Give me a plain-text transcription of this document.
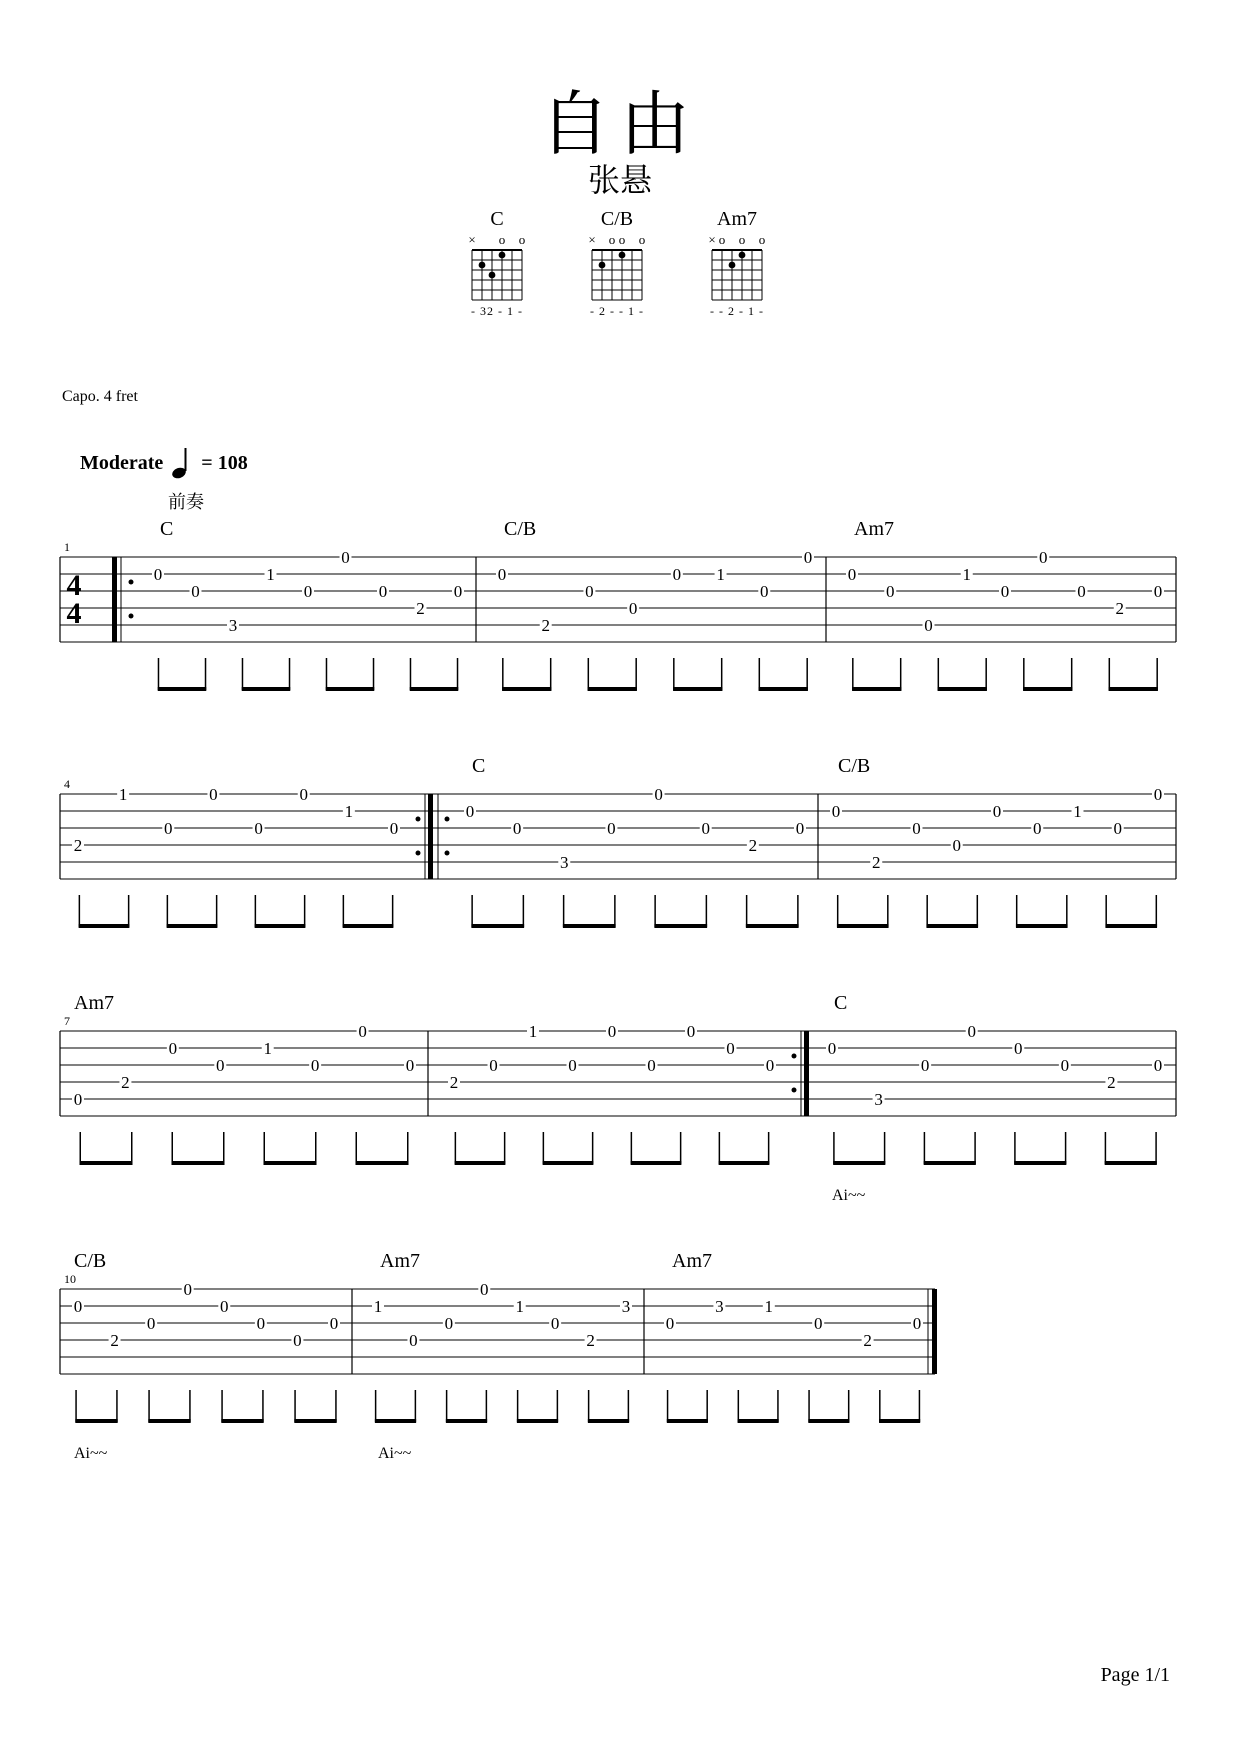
自由
张悬
C
× o o
- 32 - 1 -
C/B
× o o o
- 2 - - 1 -
Am7
× o o o
- - 2 - 1 -
Capo. 4 fret
Moderate = 108
1
4
4
前奏
C
0
0
3
1
0
0
0
2
0
C/B
0
2
0
0
0 1
0
0
Am7
0
0
0
1
0
0
0
2
0
4
2
1
0
0
0
0
1
0
C
0
0
3
0
0
0
2
0
C/B
0
2
0
0
0
0
1
0
0
7
Am7
0
2
0
0
1
0
0
0
2
0
1
0
0
0
0
0
0
C
0
3
0
0
0
0
2
0
Ai~~
10
C/B
0
2
0
0
0
0
0
0
Ai~~
Am7
1
0
0
0
1
0
2
3
Ai~~
Am7
0
3 1
0
2
0
Page 1/1
